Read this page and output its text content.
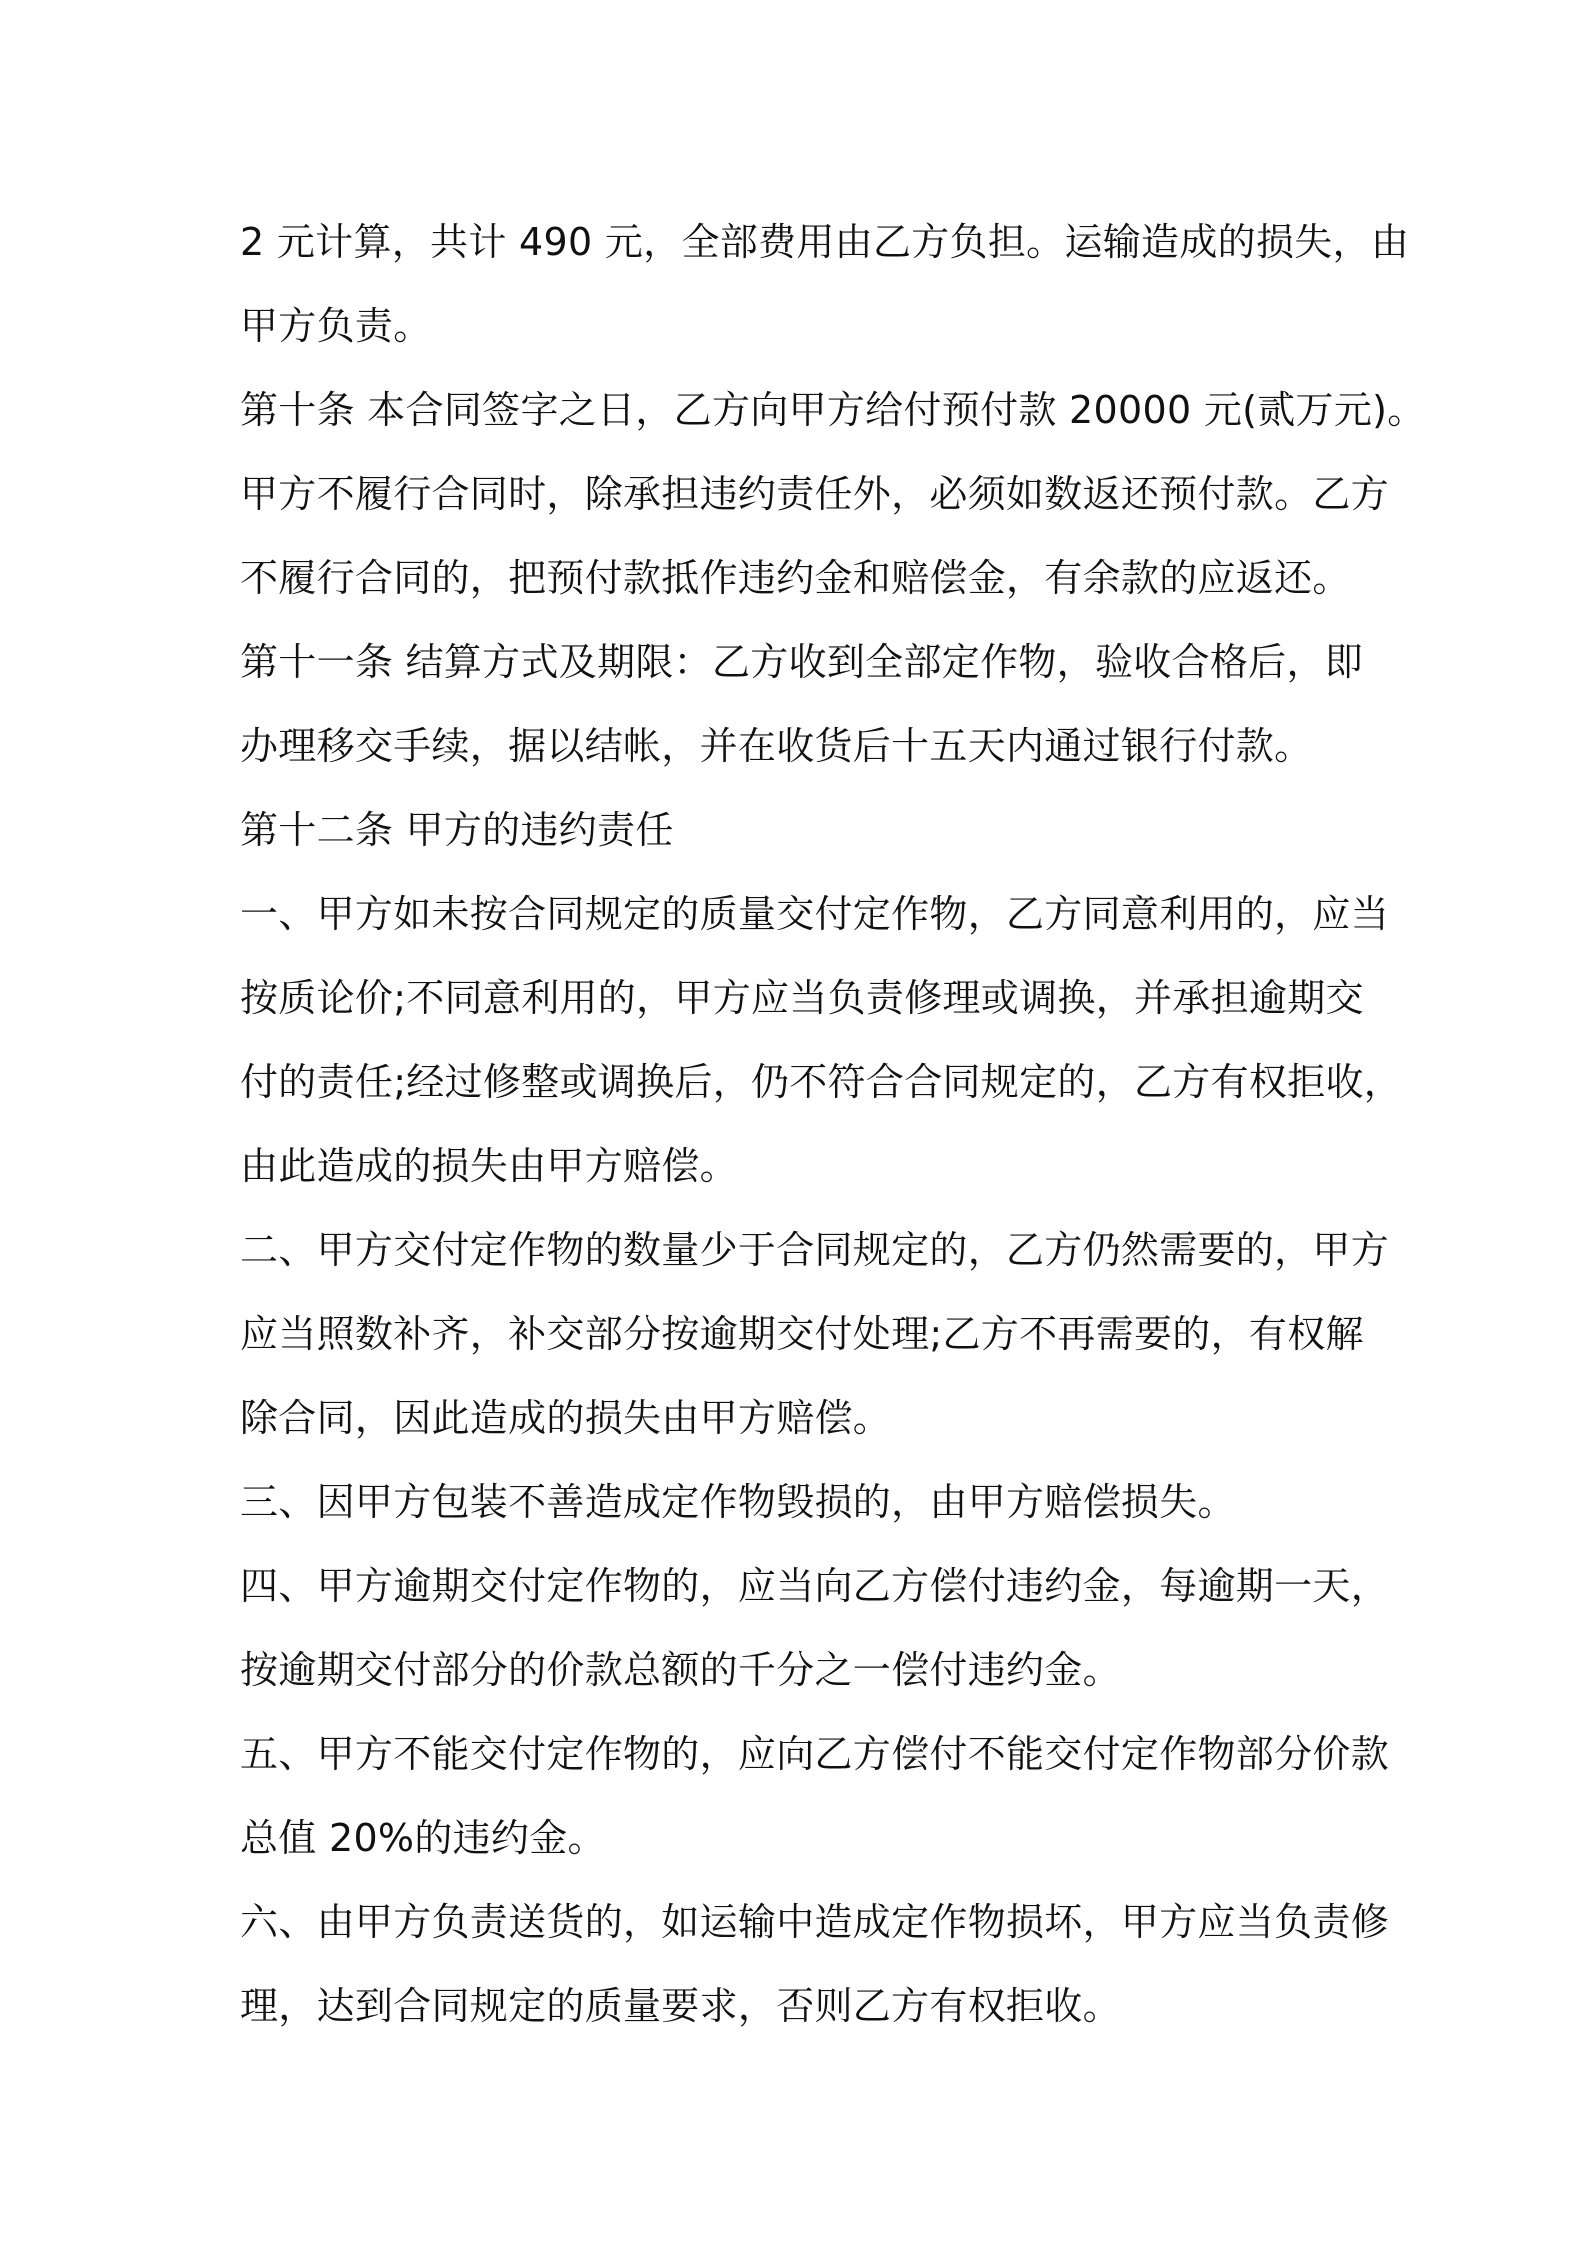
2 元计算，共计 490 元，全部费用由乙方负担。运输造成的损失，由
甲方负责。
第十条 本合同签字之日，乙方向甲方给付预付款 20000 元(贰万元)。
甲方不履行合同时，除承担违约责任外，必须如数返还预付款。乙方
不履行合同的，把预付款抵作违约金和赔偿金，有余款的应返还。
第十一条 结算方式及期限：乙方收到全部定作物，验收合格后，即
办理移交手续，据以结帐，并在收货后十五天内通过银行付款。
第十二条 甲方的违约责任
一、甲方如未按合同规定的质量交付定作物，乙方同意利用的，应当
按质论价;不同意利用的，甲方应当负责修理或调换，并承担逾期交
付的责任;经过修整或调换后，仍不符合合同规定的，乙方有权拒收，
由此造成的损失由甲方赔偿。
二、甲方交付定作物的数量少于合同规定的，乙方仍然需要的，甲方
应当照数补齐，补交部分按逾期交付处理;乙方不再需要的，有权解
除合同，因此造成的损失由甲方赔偿。
三、因甲方包装不善造成定作物毁损的，由甲方赔偿损失。
四、甲方逾期交付定作物的，应当向乙方偿付违约金，每逾期一天，
按逾期交付部分的价款总额的千分之一偿付违约金。
五、甲方不能交付定作物的，应向乙方偿付不能交付定作物部分价款
总值 20%的违约金。
六、由甲方负责送货的，如运输中造成定作物损坏，甲方应当负责修
理，达到合同规定的质量要求，否则乙方有权拒收。
